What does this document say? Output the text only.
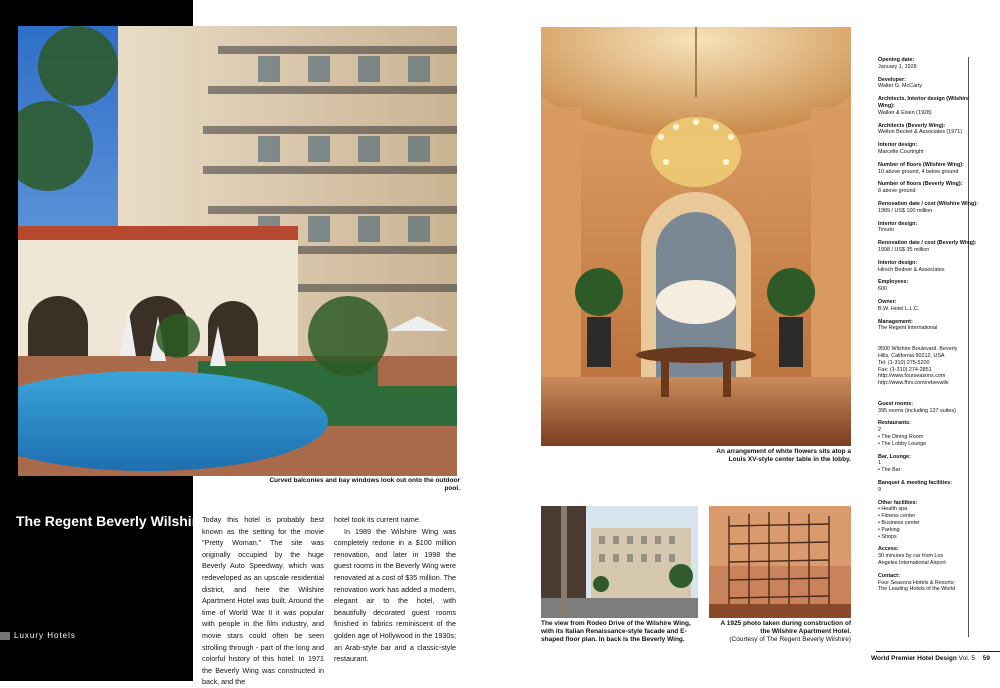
Curved balconies and bay windows look out onto the outdoor pool.
The Regent Beverly Wilshire
Luxury Hotels
Today this hotel is probably best known as the setting for the movie "Pretty Woman." The site was originally occupied by the huge Beverly Auto Speedway, which was redeveloped as an upscale residential district, and here the Wilshire Apartment Hotel was built. Around the time of World War II it was popular with people in the film industry, and movie stars could often be seen strolling through - part of the long and colorful history of this hotel. In 1971 the Beverly Wing was constructed in back, and the
hotel took its current name.
In 1989 the Wilshire Wing was completely redone in a $100 million renovation, and later in 1998 the guest rooms in the Beverly Wing were renovated at a cost of $35 million. The renovation work has added a modern, elegant air to the hotel, with beautifully decorated guest rooms finished in fabrics reminiscent of the golden age of Hollywood in the 1930s; an Arab-style bar and a classic-style restaurant.
An arrangement of white flowers sits atop a Louis XV-style center table in the lobby.
The view from Rodeo Drive of the Wilshire Wing, with its Italian Renaissance-style facade and E-shaped floor plan. In back is the Beverly Wing.
A 1925 photo taken during construction of the Wilshire Apartment Hotel.
(Courtesy of The Regent Beverly Wilshire)
Opening date:
January 1, 1928
Developer:
Walter G. McCarty
Architects, Interior design (Wilshire Wing):
Walker & Eisen (1928)
Architects (Beverly Wing):
Welton Becket & Associates (1971)
Interior design:
Marcelle Courtright
Number of floors (Wilshire Wing):
10 above ground, 4 below ground
Number of floors (Beverly Wing):
8 above ground
Renovation date / cost (Wilshire Wing):
1989 / US$ 100 million
Interior design:
Tirezio
Renovation date / cost (Beverly Wing):
1998 / US$ 35 million
Interior design:
Hirsch Bedner & Associates
Employees:
600
Owner:
B.W. Hotel L.L.C.
Management:
The Regent International
9500 Wilshire Boulevard, Beverly
Hills, California 90212, USA
Tel: (1-310) 275-5200
Fax: (1-310) 274-2851
http://www.fourseasons.com
http://www.fhrv.com/rebevwils
Guest rooms:
395 rooms (including 137 suites)
Restaurants:
2
• The Dining Room
• The Lobby Lounge
Bar, Lounge:
1
• The Bar
Banquet & meeting facilities:
9
Other facilities:
• Health spa
• Fitness center
• Business center
• Parking
• Shops
Access:
30 minutes by car from Los
Angeles International Airport
Contact:
Four Seasons Hotels & Resorts;
The Leading Hotels of the World
World Premier Hotel Design Vol. 5 59
